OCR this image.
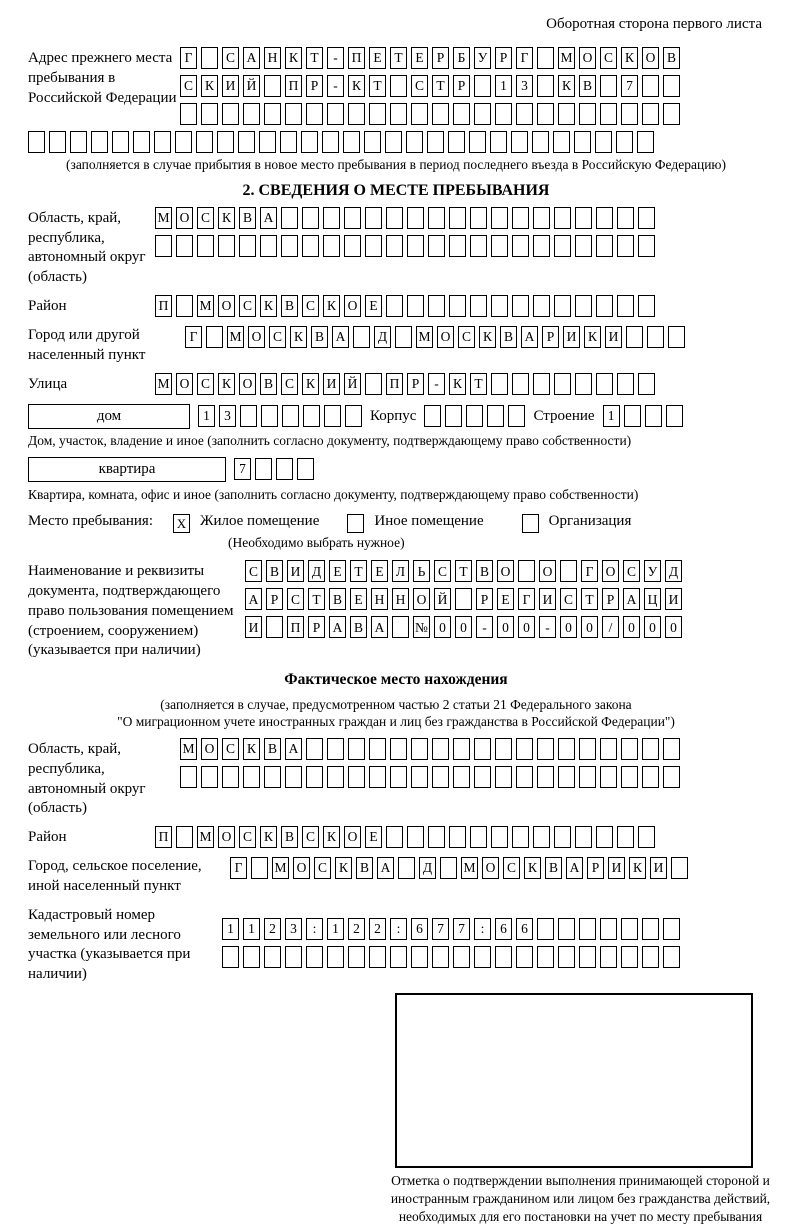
Оборотная сторона первого листа
Адрес прежнего места пребывания в Российской Федерации
Г	С А Н К Т	-	П Е Т Е Р Б У Р Г	М О С К О В
С К И Й П Р	-	К Т	С Т Р	1	3	К В	7
(заполняется в случае прибытия в новое место пребывания в период последнего въезда в Российскую Федерацию)
2. СВЕДЕНИЯ О МЕСТЕ ПРЕБЫВАНИЯ
Область, край, республика, автономный округ (область)
М О С К В А
Район	П М О С К В С К О Е
Город или другой населенный пункт
Г	М О С К В А Д М О С К В А Р И К И
Улица	М О С К О В С К И Й П Р	-	К Т
дом	1	3	Корпус	Строение 1
Дом, участок, владение и иное (заполнить согласно документу, подтверждающему право собственности)
квартира	7
Квартира, комната, офис и иное (заполнить согласно документу, подтверждающему право собственности)
Место пребывания:	X Жилое помещение	Иное помещение	Организация
(Необходимо выбрать нужное)
Наименование и реквизиты документа, подтверждающего право пользования помещением (строением, сооружением) (указывается при наличии)
С В И Д Е Т Е Л Ь С Т В О О	Г О С У Д
А Р С Т В Е Н Н О Й	Р Е Г И С Т Р А Ц И
И П Р А В А № 0	0	-	0	0	-	0	0	/	0	0	0
Фактическое место нахождения
(заполняется в случае, предусмотренном частью 2 статьи 21 Федерального закона
"О миграционном учете иностранных граждан и лиц без гражданства в Российской Федерации")
Область, край, республика, автономный округ (область)
М О С К В А
Район	П М О С К В С К О Е
Город, сельское поселение, иной населенный пункт
Г	М О С К В А Д М О С К В А Р И К И
Кадастровый номер земельного или лесного участка (указывается при наличии)
1	1	2	3	:	1	2	2	:	6	7	7	:	6	6
Отметка о подтверждении выполнения принимающей стороной и иностранным гражданином или лицом без гражданства действий, необходимых для его постановки на учет по месту пребывания
